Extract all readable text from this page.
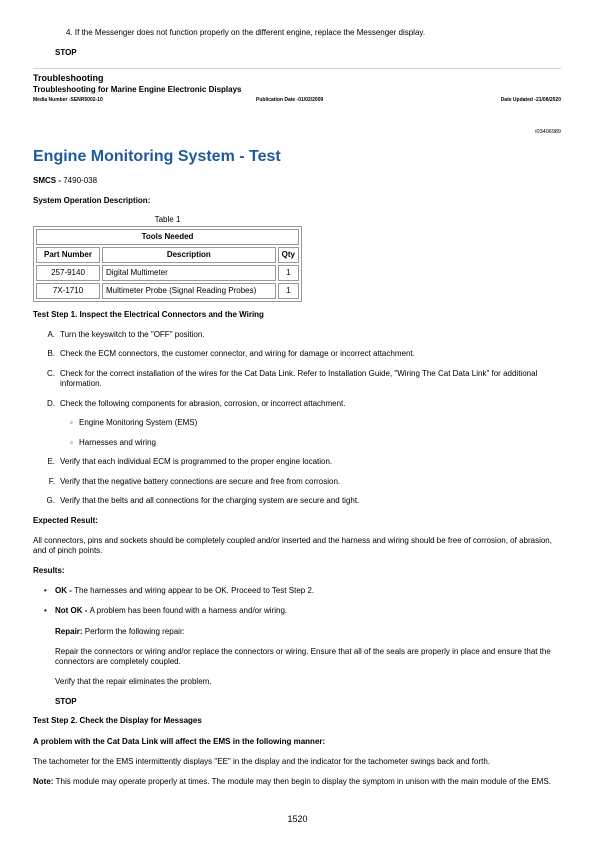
4. If the Messenger does not function properly on the different engine, replace the Messenger display.
STOP
Troubleshooting
Troubleshooting for Marine Engine Electronic Displays
Media Number -SENR5002-10	Publication Date -01/02/2009	Date Updated -21/08/2020
i03406989
Engine Monitoring System - Test
SMCS - 7490-038
System Operation Description:
Table 1
Tools Needed		
Part Number	Description	Qty
257-9140	Digital Multimeter	1
7X-1710	Multimeter Probe (Signal Reading Probes)	1
Test Step 1. Inspect the Electrical Connectors and the Wiring
A. Turn the keyswitch to the "OFF" position.
B. Check the ECM connectors, the customer connector, and wiring for damage or incorrect attachment.
C. Check for the correct installation of the wires for the Cat Data Link. Refer to Installation Guide, "Wiring The Cat Data Link" for additional information.
D. Check the following components for abrasion, corrosion, or incorrect attachment.
◦ Engine Monitoring System (EMS)
◦ Harnesses and wiring
E. Verify that each individual ECM is programmed to the proper engine location.
F. Verify that the negative battery connections are secure and free from corrosion.
G. Verify that the belts and all connections for the charging system are secure and tight.
Expected Result:
All connectors, pins and sockets should be completely coupled and/or inserted and the harness and wiring should be free of corrosion, of abrasion, and of pinch points.
Results:
• OK - The harnesses and wiring appear to be OK. Proceed to Test Step 2.
• Not OK - A problem has been found with a harness and/or wiring.
Repair: Perform the following repair:
Repair the connectors or wiring and/or replace the connectors or wiring. Ensure that all of the seals are properly in place and ensure that the connectors are completely coupled.
Verify that the repair eliminates the problem.
STOP
Test Step 2. Check the Display for Messages
A problem with the Cat Data Link will affect the EMS in the following manner:
The tachometer for the EMS intermittently displays "EE" in the display and the indicator for the tachometer swings back and forth.
Note: This module may operate properly at times. The module may then begin to display the symptom in unison with the main module of the EMS.
1520
